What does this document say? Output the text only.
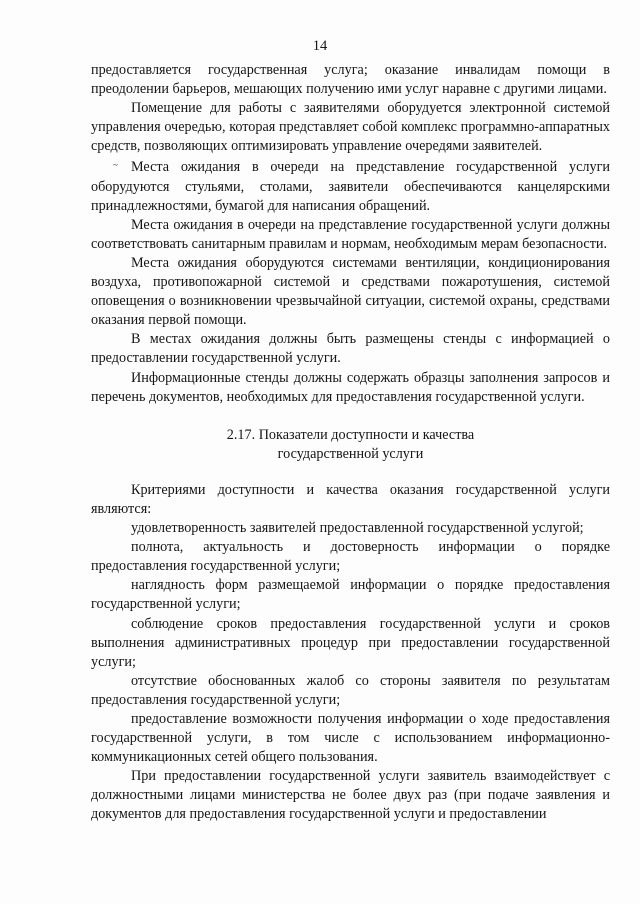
14

предоставляется государственная услуга; оказание инвалидам помощи в преодолении барьеров, мешающих получению ими услуг наравне с другими лицами.

Помещение для работы с заявителями оборудуется электронной системой управления очередью, которая представляет собой комплекс программно-аппаратных средств, позволяющих оптимизировать управление очередями заявителей.

~ Места ожидания в очереди на представление государственной услуги оборудуются стульями, столами, заявители обеспечиваются канцелярскими принадлежностями, бумагой для написания обращений.

Места ожидания в очереди на представление государственной услуги должны соответствовать санитарным правилам и нормам, необходимым мерам безопасности.

Места ожидания оборудуются системами вентиляции, кондиционирования воздуха, противопожарной системой и средствами пожаротушения, системой оповещения о возникновении чрезвычайной ситуации, системой охраны, средствами оказания первой помощи.

В местах ожидания должны быть размещены стенды с информацией о предоставлении государственной услуги.

Информационные стенды должны содержать образцы заполнения запросов и перечень документов, необходимых для предоставления государственной услуги.

2.17. Показатели доступности и качества
государственной услуги

Критериями доступности и качества оказания государственной услуги являются:

удовлетворенность заявителей предоставленной государственной услугой;

полнота, актуальность и достоверность информации о порядке предоставления государственной услуги;

наглядность форм размещаемой информации о порядке предоставления государственной услуги;

соблюдение сроков предоставления государственной услуги и сроков выполнения административных процедур при предоставлении государственной услуги;

отсутствие обоснованных жалоб со стороны заявителя по результатам предоставления государственной услуги;

предоставление возможности получения информации о ходе предоставления государственной услуги, в том числе с использованием информационно-коммуникационных сетей общего пользования.

При предоставлении государственной услуги заявитель взаимодействует с должностными лицами министерства не более двух раз (при подаче заявления и документов для предоставления государственной услуги и предоставлении
